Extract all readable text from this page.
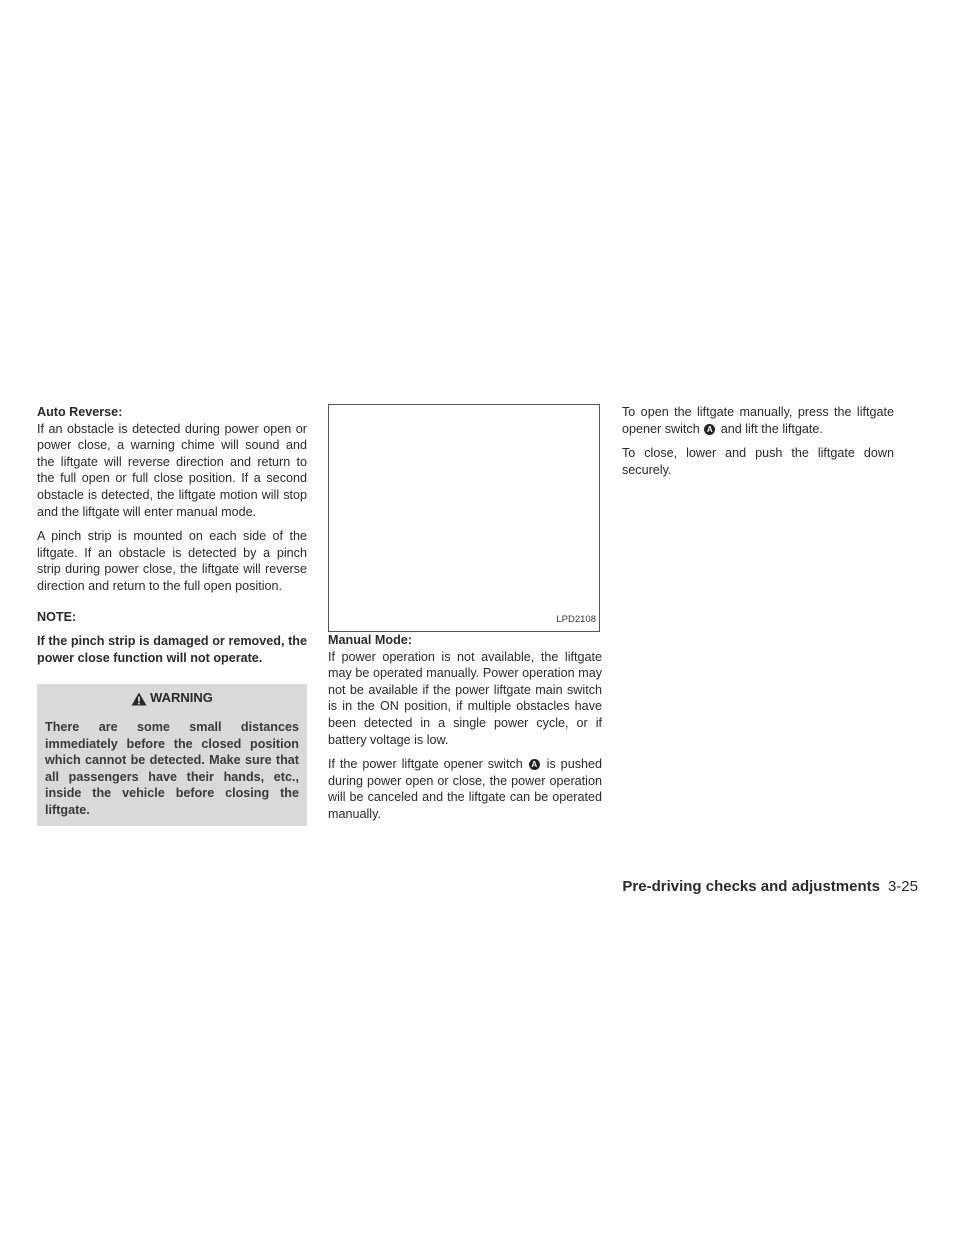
Auto Reverse:
If an obstacle is detected during power open or power close, a warning chime will sound and the liftgate will reverse direction and return to the full open or full close position. If a second obstacle is detected, the liftgate motion will stop and the liftgate will enter manual mode.

A pinch strip is mounted on each side of the liftgate. If an obstacle is detected by a pinch strip during power close, the liftgate will reverse direction and return to the full open position.

NOTE:
If the pinch strip is damaged or removed, the power close function will not operate.
WARNING
There are some small distances immediately before the closed position which cannot be detected. Make sure that all passengers have their hands, etc., inside the vehicle before closing the liftgate.
LPD2108

Manual Mode:
If power operation is not available, the liftgate may be operated manually. Power operation may not be available if the power liftgate main switch is in the ON position, if multiple obstacles have been detected in a single power cycle, or if battery voltage is low.

If the power liftgate opener switch A is pushed during power open or close, the power operation will be canceled and the liftgate can be operated manually.

To open the liftgate manually, press the liftgate opener switch A and lift the liftgate.

To close, lower and push the liftgate down securely.

Pre-driving checks and adjustments 3-25
